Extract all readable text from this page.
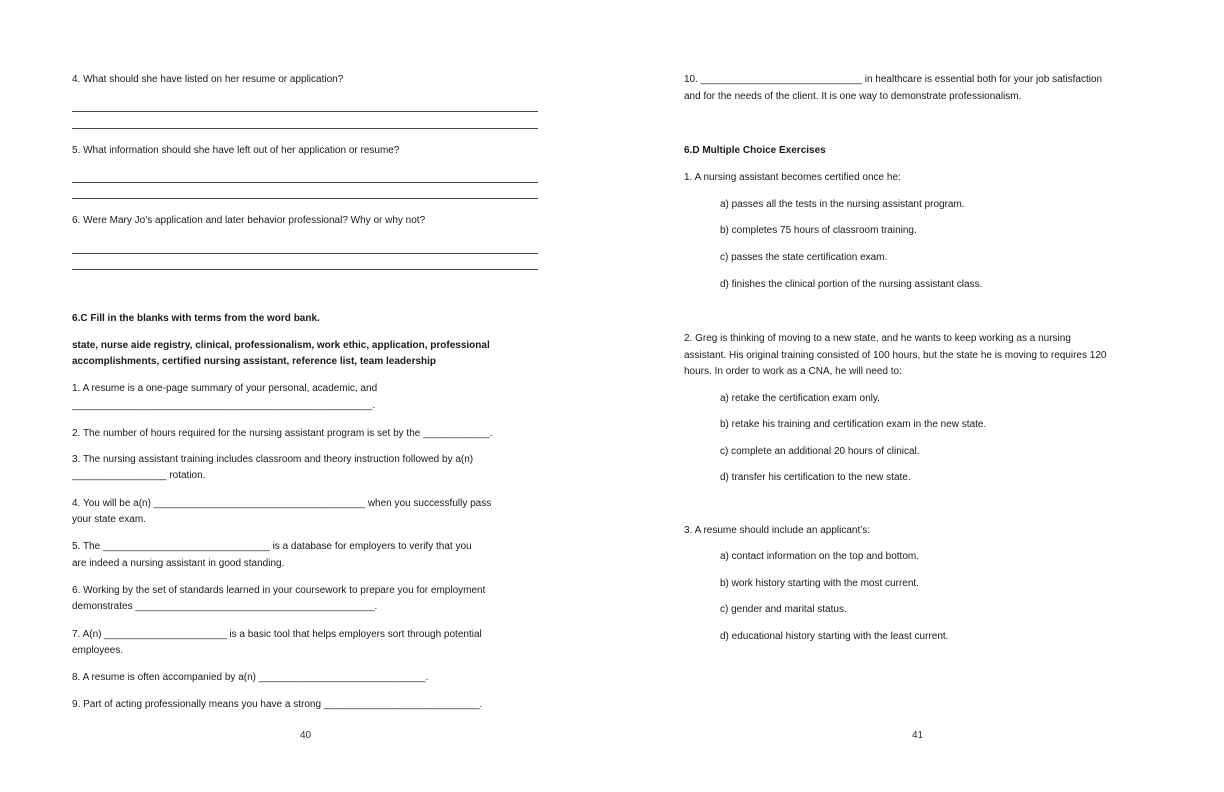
4. What should she have listed on her resume or application?
5. What information should she have left out of her application or resume?
6. Were Mary Jo’s application and later behavior professional? Why or why not?
6.C Fill in the blanks with terms from the word bank.
state, nurse aide registry, clinical, professionalism, work ethic, application, professional
accomplishments, certified nursing assistant, reference list, team leadership
1. A resume is a one-page summary of your personal, academic, and
______________________________________________________.
2. The number of hours required for the nursing assistant program is set by the ____________.
3. The nursing assistant training includes classroom and theory instruction followed by a(n)
_________________ rotation.
4. You will be a(n) ______________________________________ when you successfully pass
your state exam.
5. The ______________________________ is a database for employers to verify that you
are indeed a nursing assistant in good standing.
6. Working by the set of standards learned in your coursework to prepare you for employment
demonstrates ___________________________________________.
7. A(n) ______________________ is a basic tool that helps employers sort through potential
employees.
8. A resume is often accompanied by a(n) ______________________________.
9. Part of acting professionally means you have a strong ____________________________.
40
10. _____________________________ in healthcare is essential both for your job satisfaction
and for the needs of the client. It is one way to demonstrate professionalism.
6.D Multiple Choice Exercises
1. A nursing assistant becomes certified once he:
a) passes all the tests in the nursing assistant program.
b) completes 75 hours of classroom training.
c) passes the state certification exam.
d) finishes the clinical portion of the nursing assistant class.
2. Greg is thinking of moving to a new state, and he wants to keep working as a nursing
assistant. His original training consisted of 100 hours, but the state he is moving to requires 120
hours. In order to work as a CNA, he will need to:
a) retake the certification exam only.
b) retake his training and certification exam in the new state.
c) complete an additional 20 hours of clinical.
d) transfer his certification to the new state.
3. A resume should include an applicant’s:
a) contact information on the top and bottom.
b) work history starting with the most current.
c) gender and marital status.
d) educational history starting with the least current.
41
